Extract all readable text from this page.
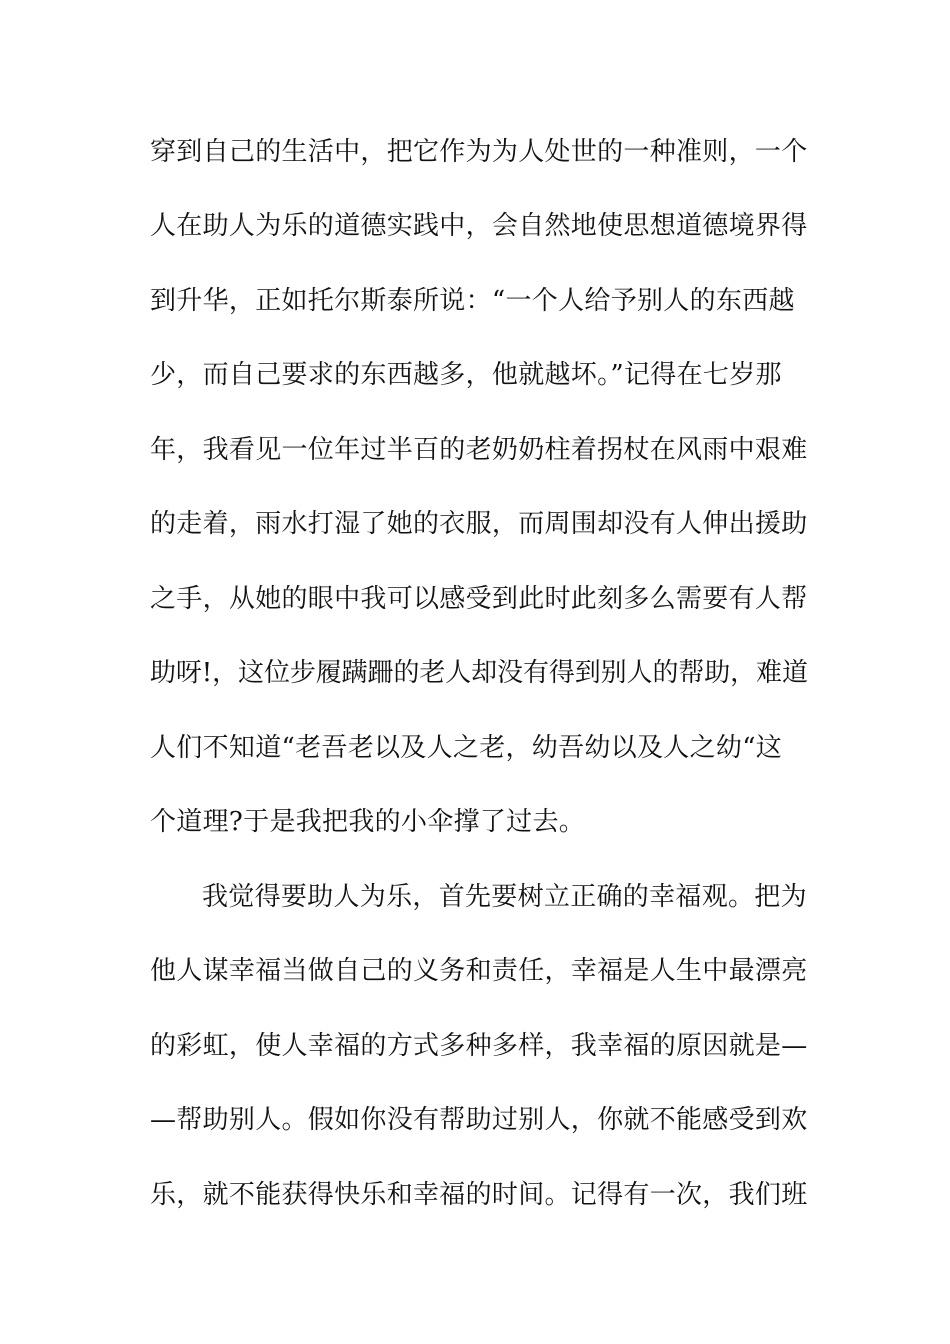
穿到自己的生活中，把它作为为人处世的一种准则，一个
人在助人为乐的道德实践中，会自然地使思想道德境界得
到升华，正如托尔斯泰所说：“一个人给予别人的东西越
少，而自己要求的东西越多，他就越坏。”记得在七岁那
年，我看见一位年过半百的老奶奶柱着拐杖在风雨中艰难
的走着，雨水打湿了她的衣服，而周围却没有人伸出援助
之手，从她的眼中我可以感受到此时此刻多么需要有人帮
助呀!，这位步履蹒跚的老人却没有得到别人的帮助，难道
人们不知道“老吾老以及人之老，幼吾幼以及人之幼“这
个道理?于是我把我的小伞撑了过去。
我觉得要助人为乐，首先要树立正确的幸福观。把为
他人谋幸福当做自己的义务和责任，幸福是人生中最漂亮
的彩虹，使人幸福的方式多种多样，我幸福的原因就是—
—帮助别人。假如你没有帮助过别人，你就不能感受到欢
乐，就不能获得快乐和幸福的时间。记得有一次，我们班
